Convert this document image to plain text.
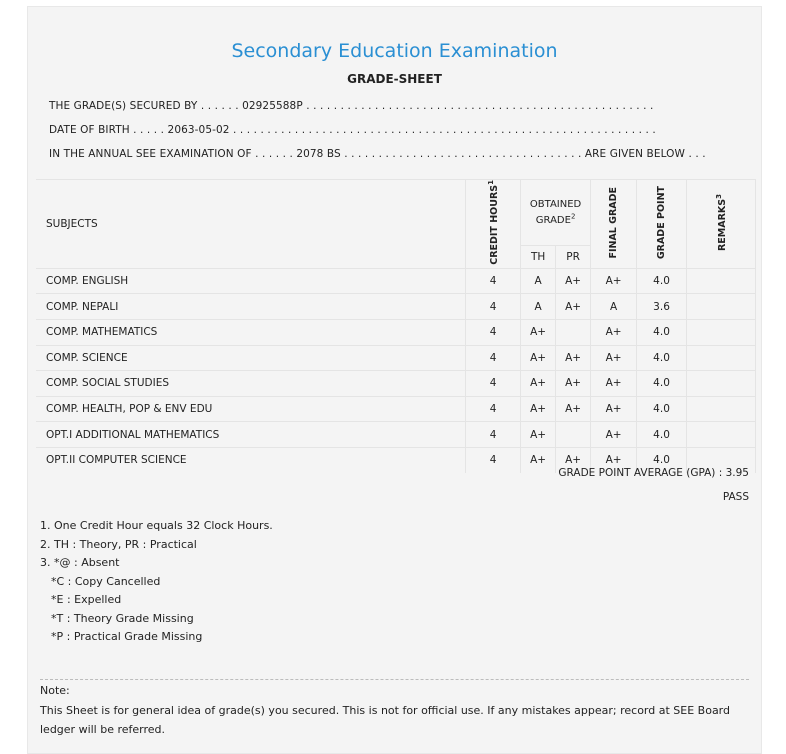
Secondary Education Examination
GRADE-SHEET
THE GRADE(S) SECURED BY . . . . . . 02925588P . . . . . . . . . . . . . . . . . . . . . . . . . . . . . . . . . . . . . . . . . . . . . . . . . . .
DATE OF BIRTH . . . . . 2063-05-02 . . . . . . . . . . . . . . . . . . . . . . . . . . . . . . . . . . . . . . . . . . . . . . . . . . . . . . . . . . . . . .
IN THE ANNUAL SEE EXAMINATION OF . . . . . . 2078 BS . . . . . . . . . . . . . . . . . . . . . . . . . . . . . . . . . . . ARE GIVEN BELOW . . .
SUBJECTS	CREDIT HOURS$^1$	OBTAINED GRADE$^2$		FINAL GRADE	GRADE POINT	REMARKS$^3$
		TH	PR			
COMP. ENGLISH	4	A	A+	A+	4.0	
COMP. NEPALI	4	A	A+	A	3.6	
COMP. MATHEMATICS	4	A+		A+	4.0	
COMP. SCIENCE	4	A+	A+	A+	4.0	
COMP. SOCIAL STUDIES	4	A+	A+	A+	4.0	
COMP. HEALTH, POP & ENV EDU	4	A+	A+	A+	4.0	
OPT.I ADDITIONAL MATHEMATICS	4	A+		A+	4.0	
OPT.II COMPUTER SCIENCE	4	A+	A+	A+	4.0	
GRADE POINT AVERAGE (GPA) : 3.95
PASS
1. One Credit Hour equals 32 Clock Hours.
2. TH : Theory, PR : Practical
3. *@ : Absent
*C : Copy Cancelled
*E : Expelled
*T : Theory Grade Missing
*P : Practical Grade Missing
Note:
This Sheet is for general idea of grade(s) you secured. This is not for official use. If any mistakes appear; record at SEE Board ledger will be referred.
